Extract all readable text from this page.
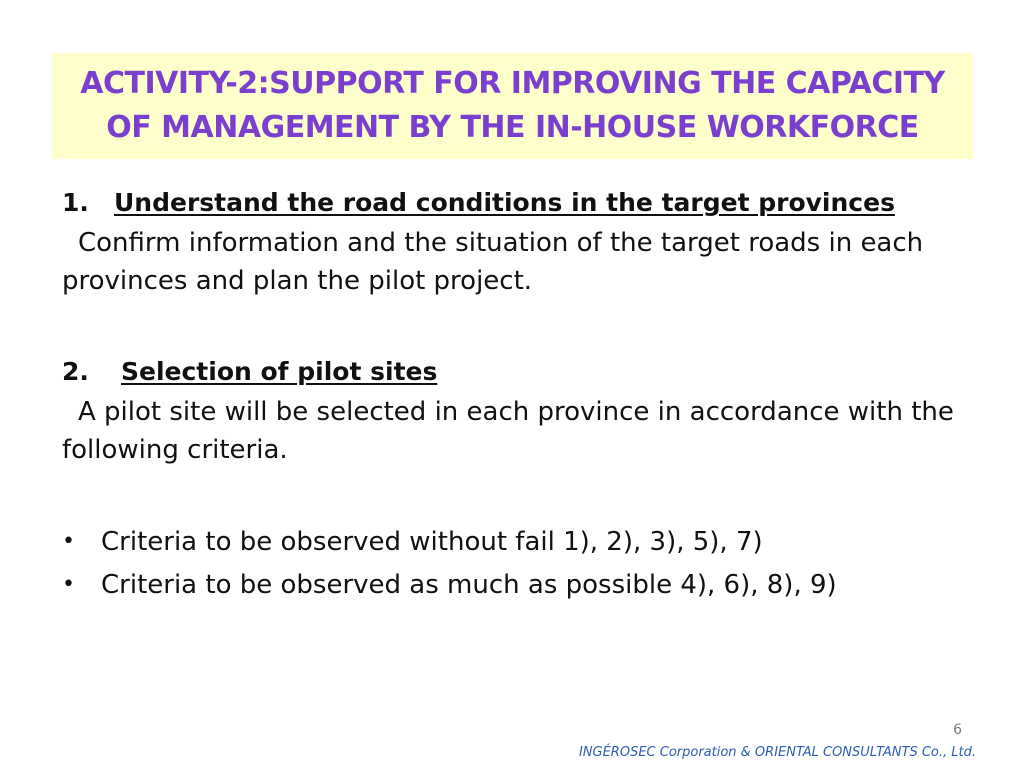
ACTIVITY-2:SUPPORT FOR IMPROVING THE CAPACITY
OF MANAGEMENT BY THE IN-HOUSE WORKFORCE
1. Understand the road conditions in the target provinces
Confirm information and the situation of the target roads in each provinces and plan the pilot project.
2. Selection of pilot sites
A pilot site will be selected in each province in accordance with the following criteria.
• Criteria to be observed without fail 1), 2), 3), 5), 7)
• Criteria to be observed as much as possible 4), 6), 8), 9)
6
INGÉROSEC Corporation & ORIENTAL CONSULTANTS Co., Ltd.
